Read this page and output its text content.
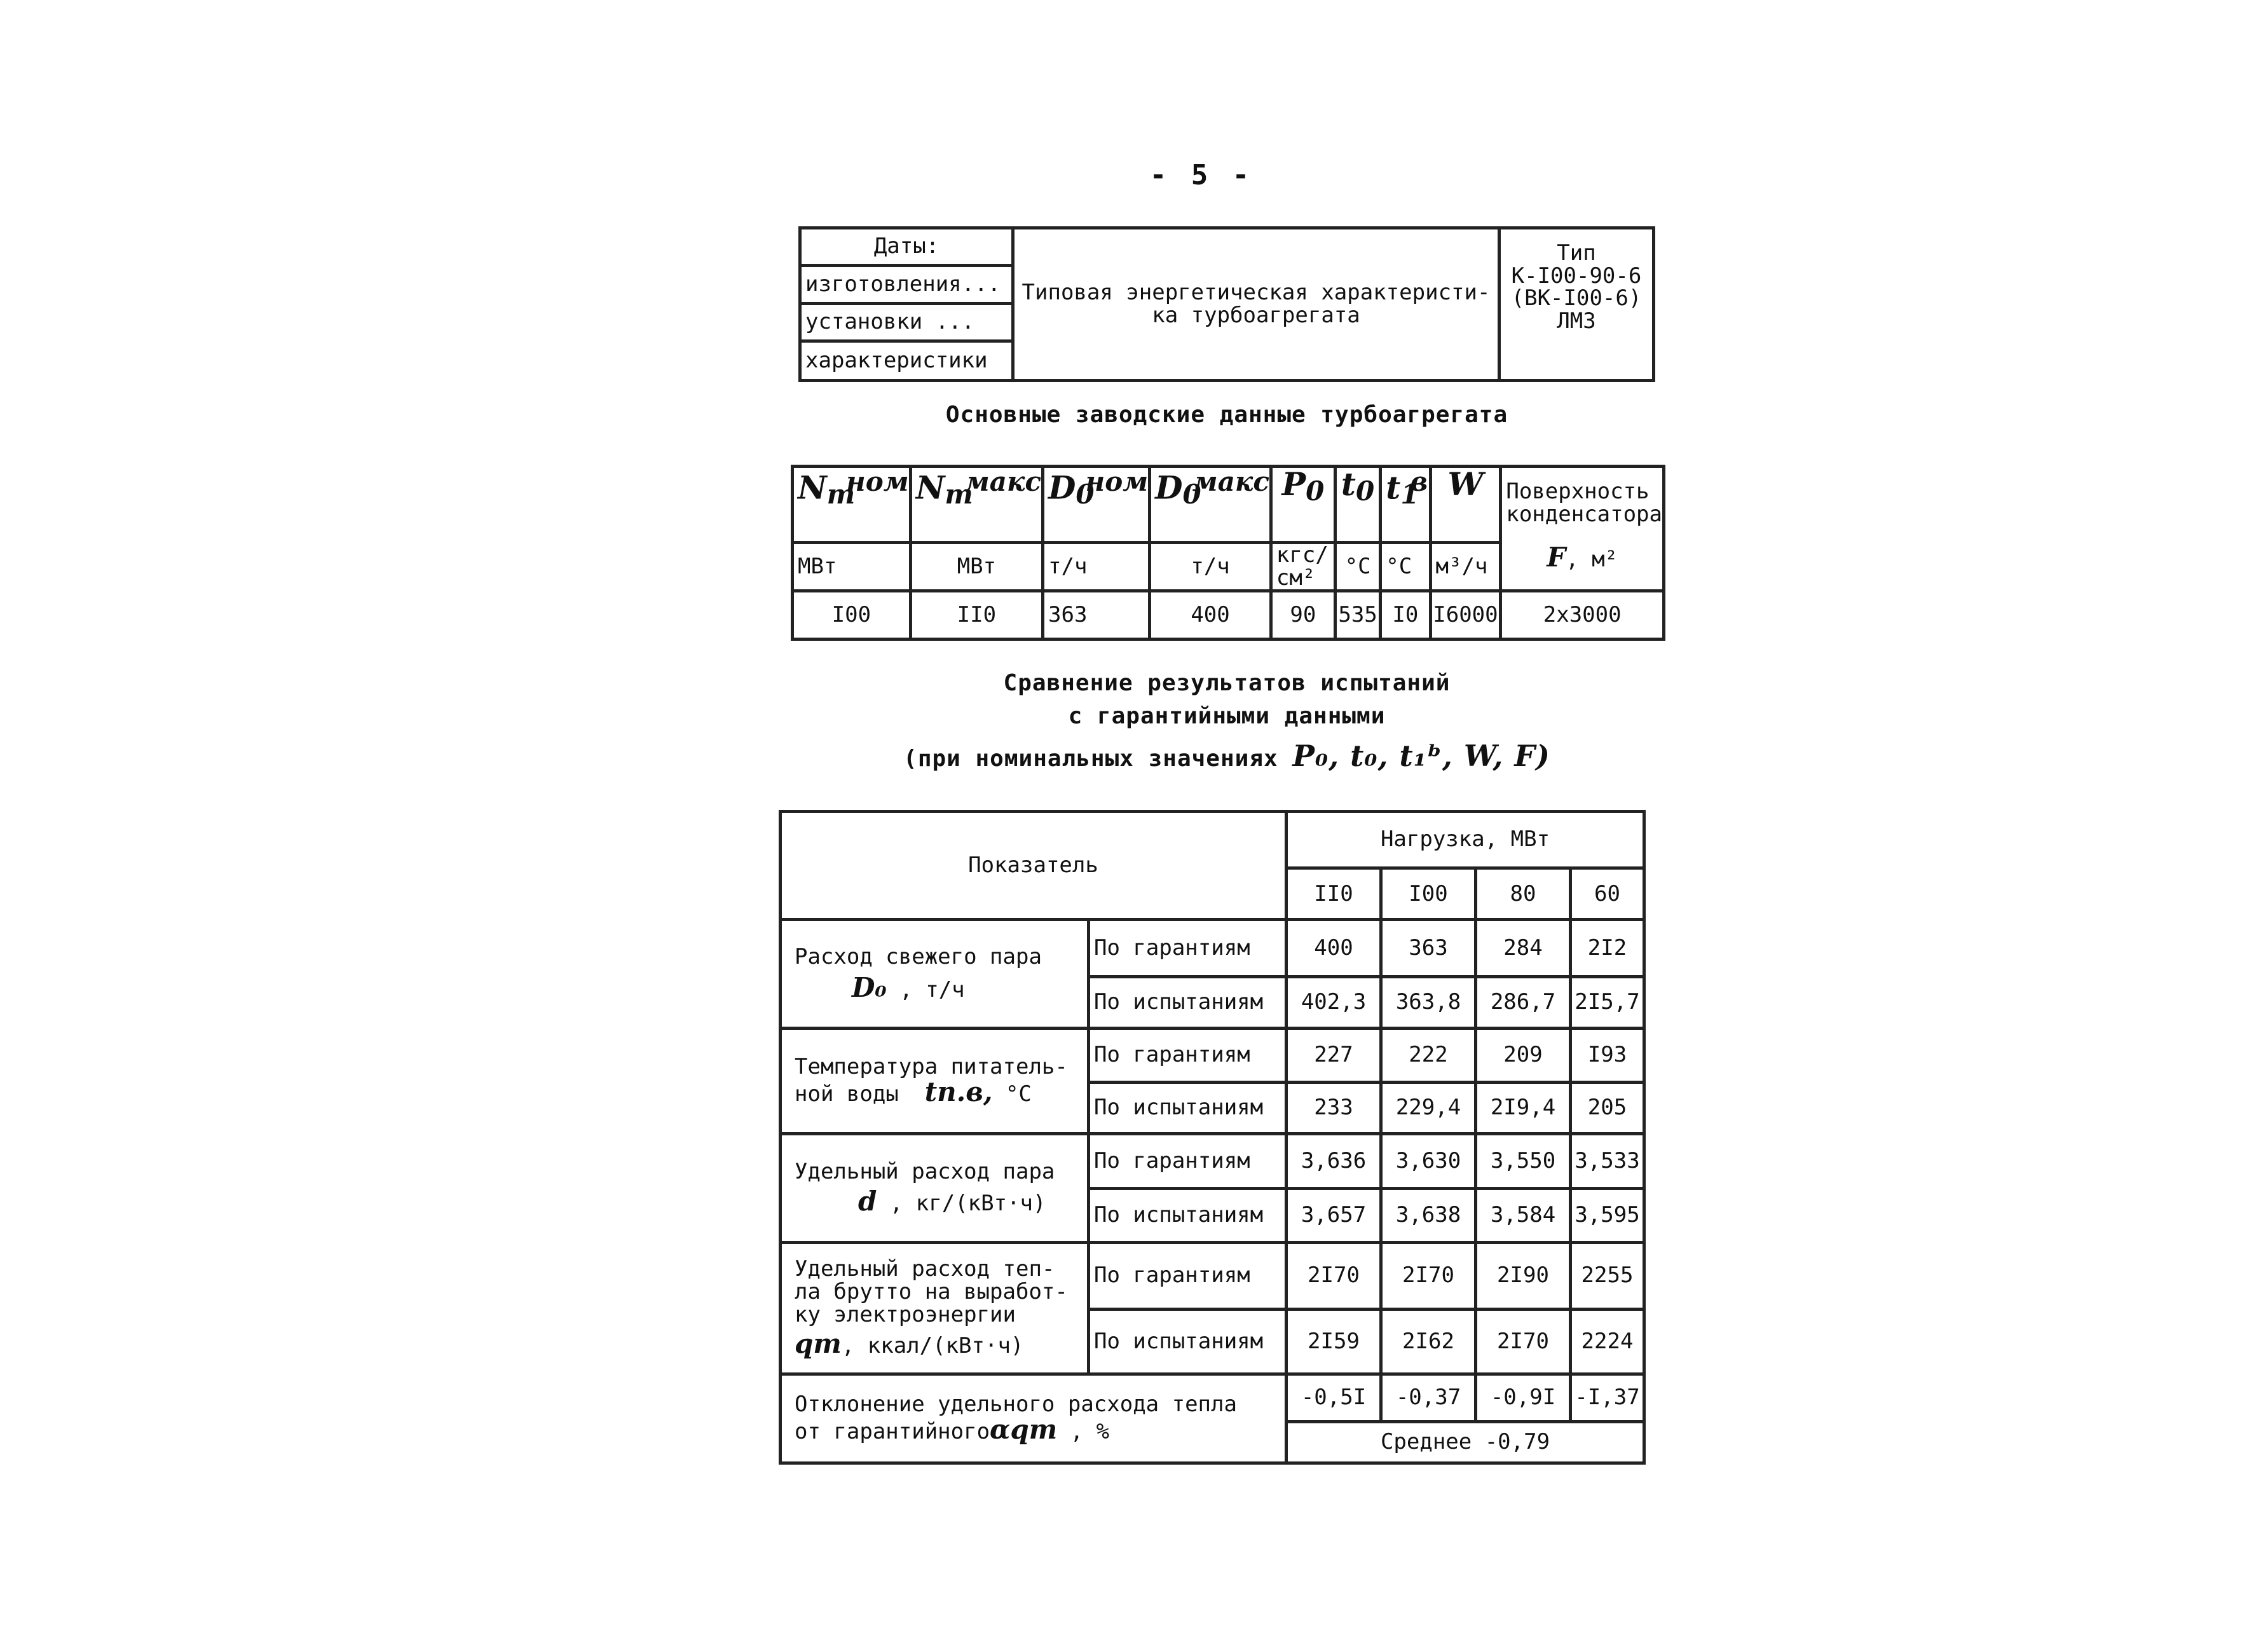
- 5 -
Даты:	
Типовая энергетическая характеристи-
ка турбоагрегата

Тип
К-I00-90-6
(ВК-I00-6)
ЛМЗ

изготовления...
установки ...
характеристики
Основные заводские данные турбоагрегата
$N_т^{ном}$	$N_т^{макс}$	$D_0^{ном}$	$D_0^{макс}$	$P_0$	$t_0$	$t_1^в$	W	Поверхность
конденсатора
F, м²

МВт	МВт	т/ч	т/ч	кгс/см²	°C	°C	м³/ч	
I00	II0	363	400	90	535	I0	I6000	2х3000
Сравнение результатов испытаний
с гарантийными данными
(при номинальных значениях P₀, t₀, t₁ᵇ, W, F)
Показатель		Нагрузка, МВт			
		II0	I00	80	60

Расход свежего пара
D₀ , т/ч	По гарантиям	400	363	284	2I2
	По испытаниям	402,3	363,8	286,7	2I5,7

Температура питатель-
ной воды tп.в, °C	По гарантиям	227	222	209	I93
	По испытаниям	233	229,4	2I9,4	205

Удельный расход пара
d , кг/(кВт·ч)	По гарантиям	3,636	3,630	3,550	3,533
	По испытаниям	3,657	3,638	3,584	3,595

Удельный расход теп-
ла брутто на выработ-
ку электроэнергии
qт, ккал/(кВт·ч)	По гарантиям	2I70	2I70	2I90	2255
	По испытаниям	2I59	2I62	2I70	2224

Отклонение удельного расхода тепла
от гарантийногоαqт , %		-0,5I	-0,37	-0,9I	-I,37
		Среднее -0,79			
